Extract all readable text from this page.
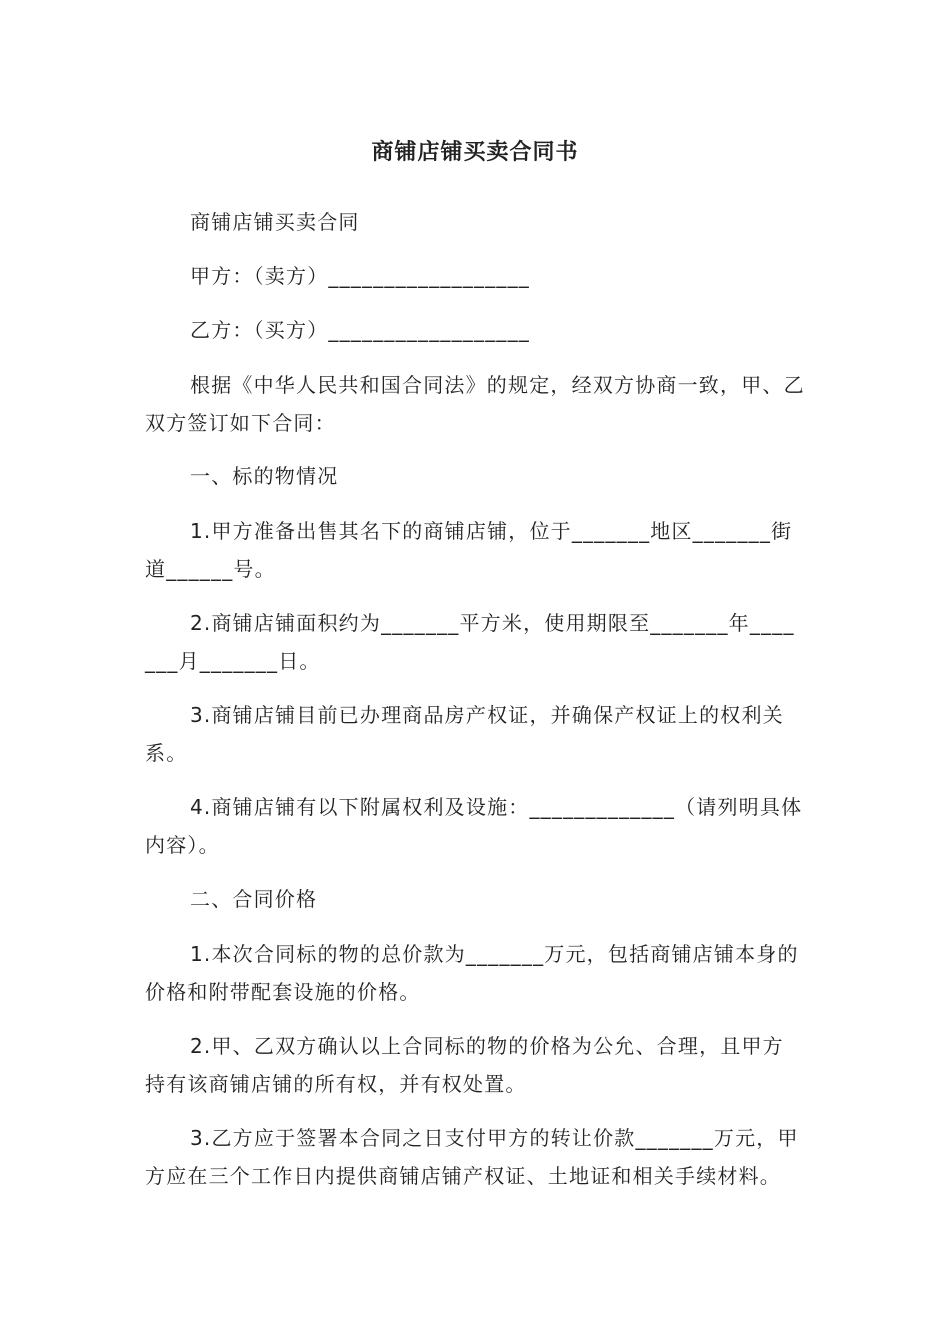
商铺店铺买卖合同书
商铺店铺买卖合同
甲方：（卖方）__________________
乙方：（买方）__________________
根据《中华人民共和国合同法》的规定，经双方协商一致，甲、乙双方签订如下合同：
一、标的物情况
1.甲方准备出售其名下的商铺店铺，位于_______地区_______街道______号。
2.商铺店铺面积约为_______平方米，使用期限至_______年_______月_______日。
3.商铺店铺目前已办理商品房产权证，并确保产权证上的权利关系。
4.商铺店铺有以下附属权利及设施：_____________（请列明具体内容）。
二、合同价格
1.本次合同标的物的总价款为_______万元，包括商铺店铺本身的价格和附带配套设施的价格。
2.甲、乙双方确认以上合同标的物的价格为公允、合理，且甲方持有该商铺店铺的所有权，并有权处置。
3.乙方应于签署本合同之日支付甲方的转让价款_______万元，甲方应在三个工作日内提供商铺店铺产权证、土地证和相关手续材料。
